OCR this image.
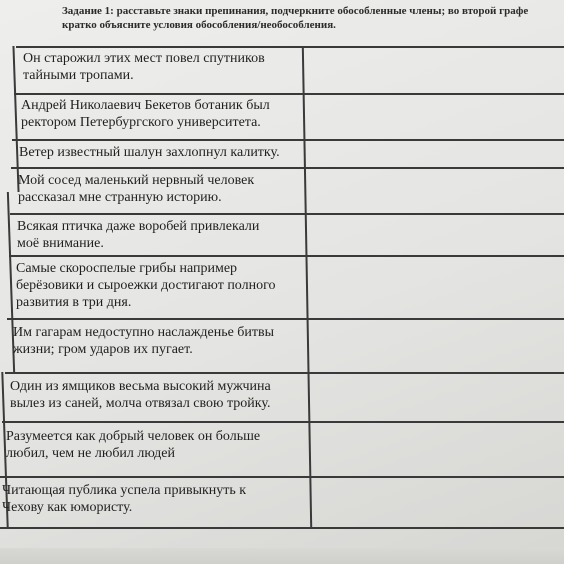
Задание 1: расставьте знаки препинания, подчеркните обособленные члены; во второй графе кратко объясните условия обособления/необособления.
Он старожил этих мест повел спутников
тайными тропами.
Андрей Николаевич Бекетов ботаник был
ректором Петербургского университета.
Ветер известный шалун захлопнул калитку.
Мой сосед маленький нервный человек
рассказал мне странную историю.
Всякая птичка даже воробей привлекали
моё внимание.
Самые скороспелые грибы например
берёзовики и сыроежки достигают полного
развития в три дня.
Им гагарам недоступно наслажденье битвы
жизни; гром ударов их пугает.
Один из ямщиков весьма высокий мужчина
вылез из саней, молча отвязал свою тройку.
Разумеется как добрый человек он больше
любил, чем не любил людей
Читающая публика успела привыкнуть к
Чехову как юмористу.
